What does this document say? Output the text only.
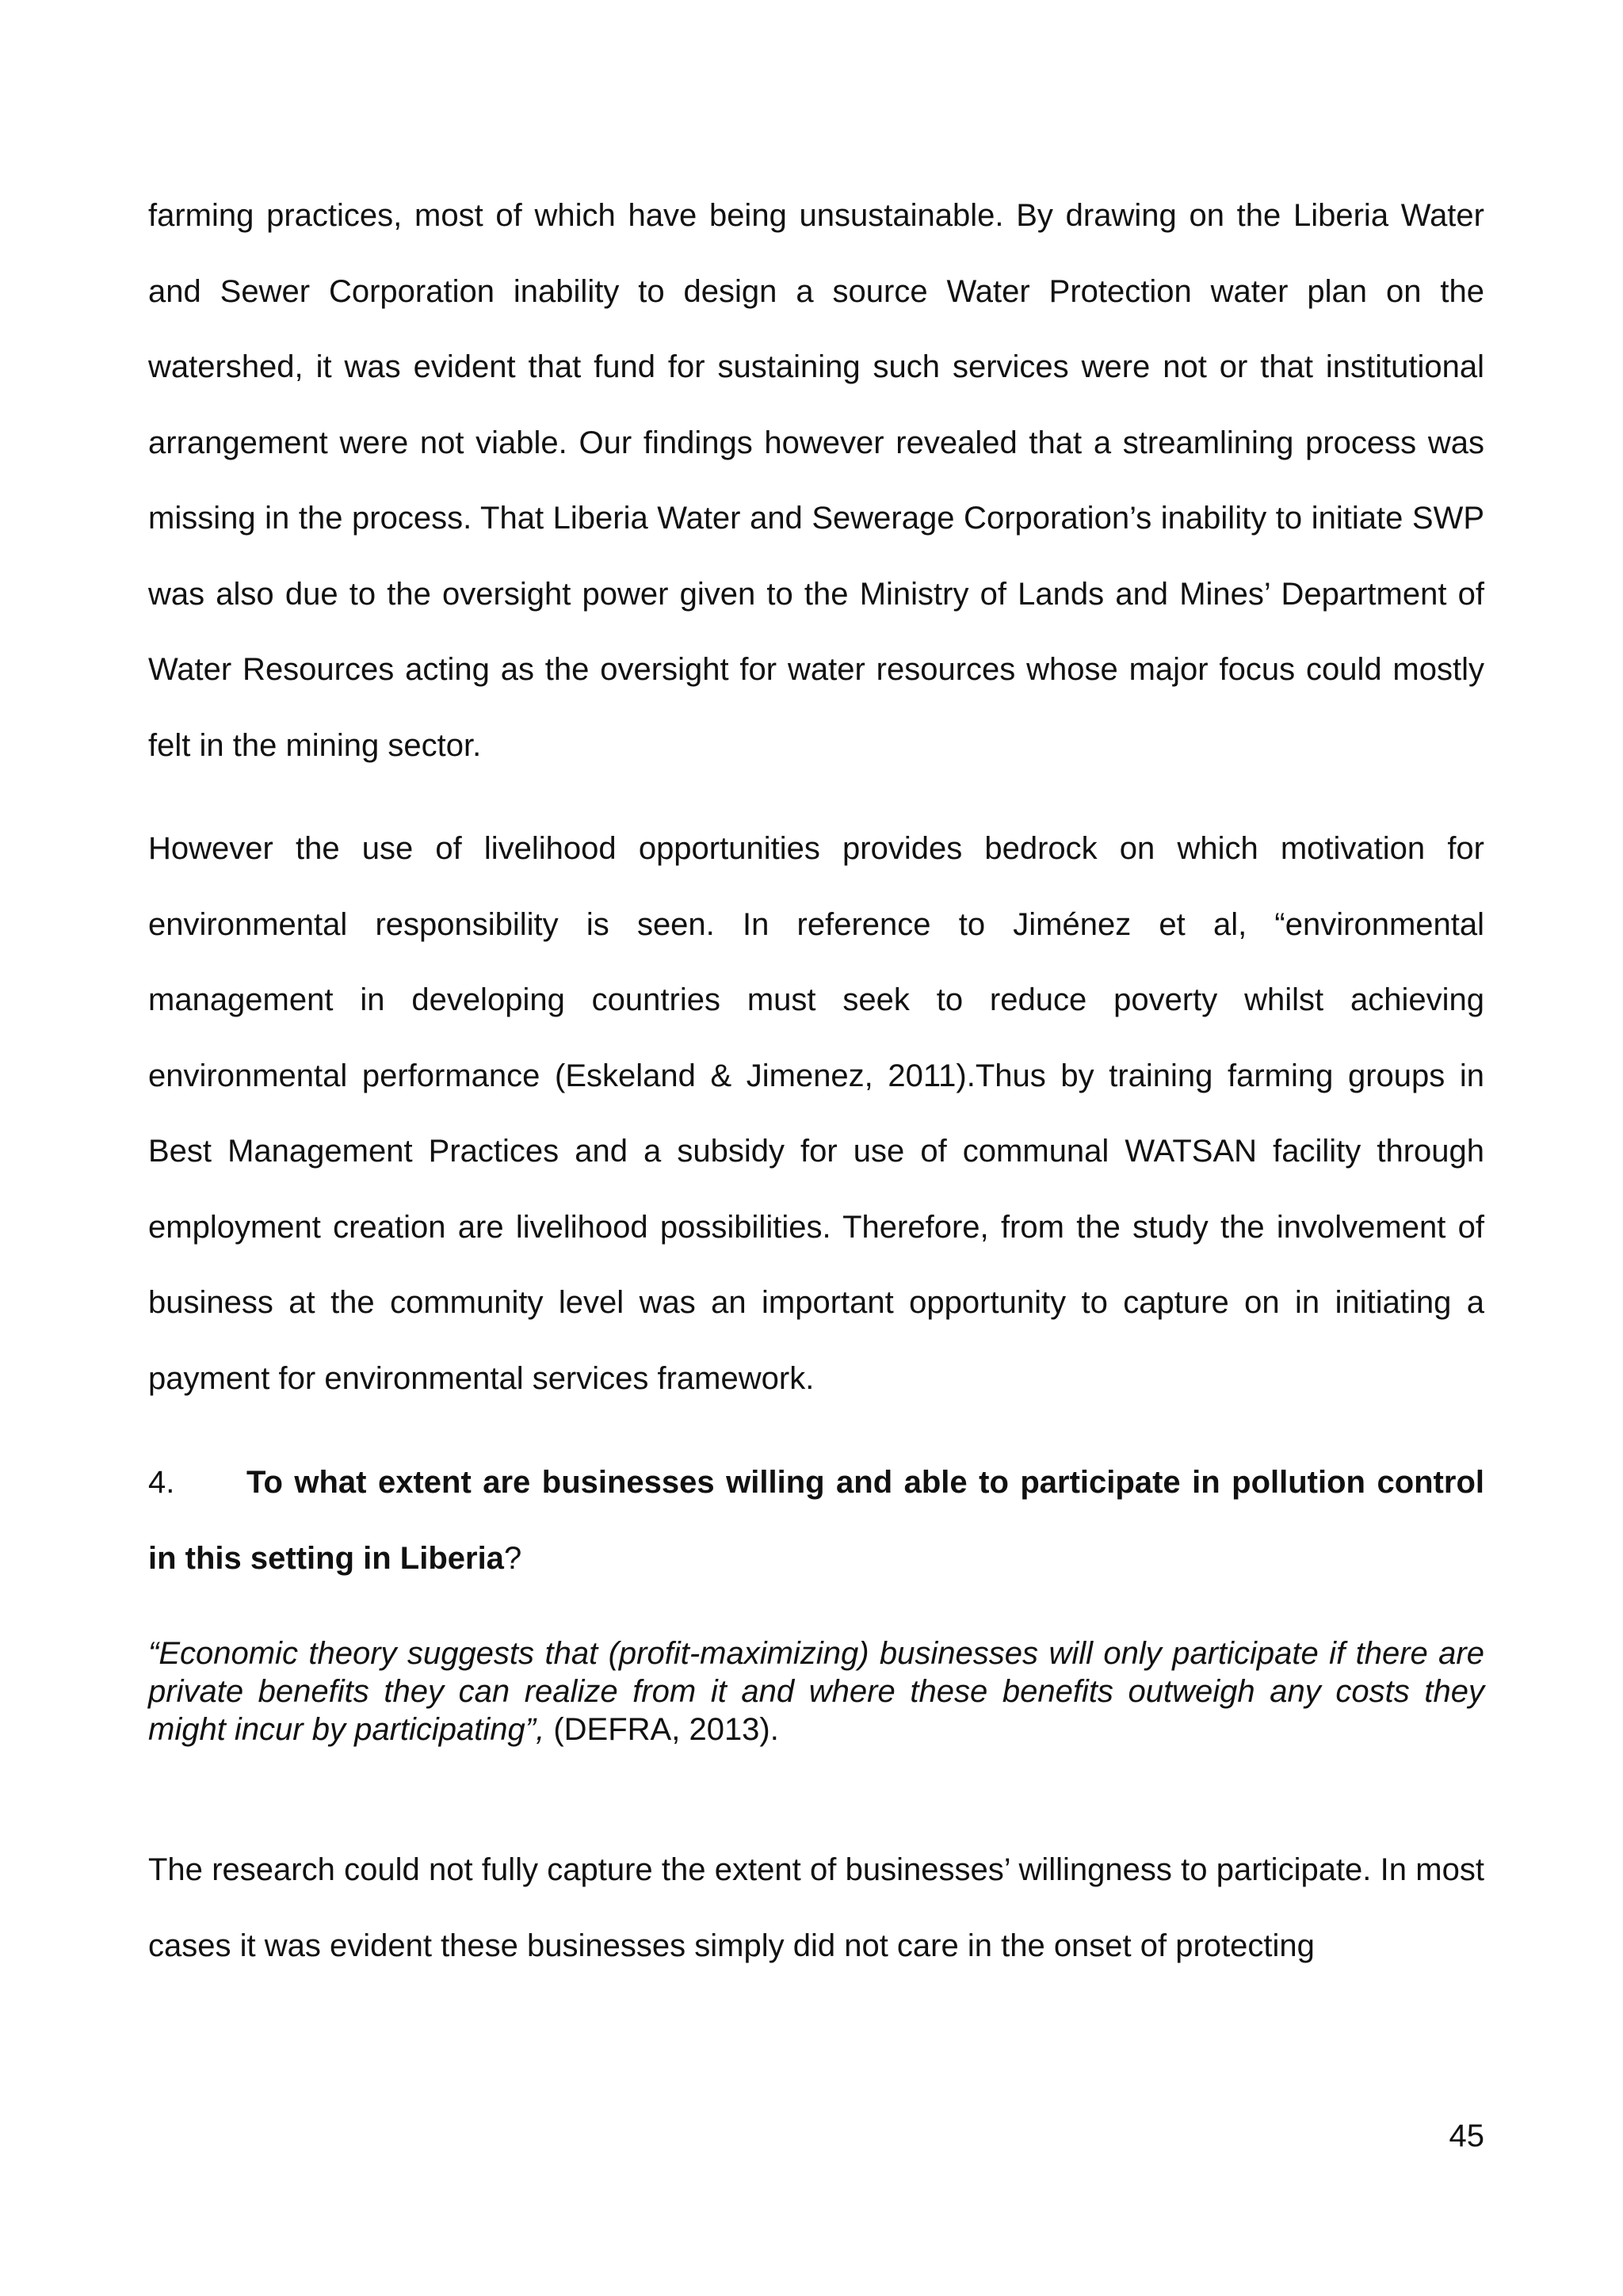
farming practices, most of which have being unsustainable. By drawing on the Liberia Water and Sewer Corporation inability to design a source Water Protection water plan on the watershed, it was evident that fund for sustaining such services were not or that institutional arrangement were not viable. Our findings however revealed that a streamlining process was missing in the process. That Liberia Water and Sewerage Corporation’s inability to initiate SWP was also due to the oversight power given to the Ministry of Lands and Mines’ Department of Water Resources acting as the oversight for water resources whose major focus could mostly felt in the mining sector.

However the use of livelihood opportunities provides bedrock on which motivation for environmental responsibility is seen. In reference to Jiménez et al, “environmental management in developing countries must seek to reduce poverty whilst achieving environmental performance (Eskeland & Jimenez, 2011).Thus by training farming groups in Best Management Practices and a subsidy for use of communal WATSAN facility through employment creation are livelihood possibilities. Therefore, from the study the involvement of business at the community level was an important opportunity to capture on in initiating a payment for environmental services framework.

4. To what extent are businesses willing and able to participate in pollution control in this setting in Liberia?

“Economic theory suggests that (profit-maximizing) businesses will only participate if there are private benefits they can realize from it and where these benefits outweigh any costs they might incur by participating”, (DEFRA, 2013).

The research could not fully capture the extent of businesses’ willingness to participate. In most cases it was evident these businesses simply did not care in the onset of protecting

45
